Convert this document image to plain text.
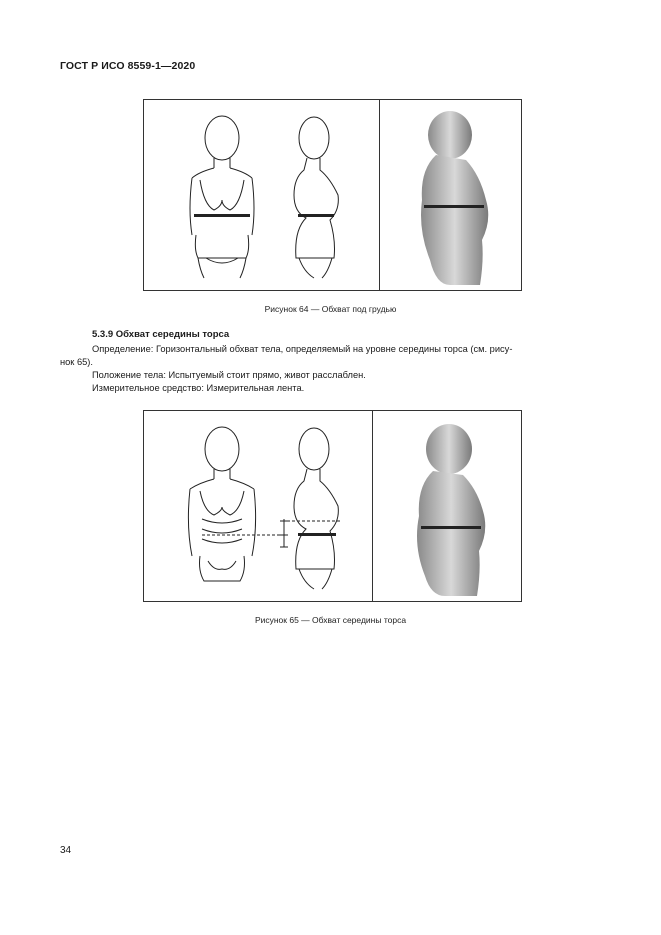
ГОСТ Р ИСО 8559-1—2020
Рисунок 64 — Обхват под грудью
5.3.9 Обхват середины торса
Определение: Горизонтальный обхват тела, определяемый на уровне середины торса (см. рису-
нок 65).
Положение тела: Испытуемый стоит прямо, живот расслаблен.
Измерительное средство: Измерительная лента.
Рисунок 65 — Обхват середины торса
34
